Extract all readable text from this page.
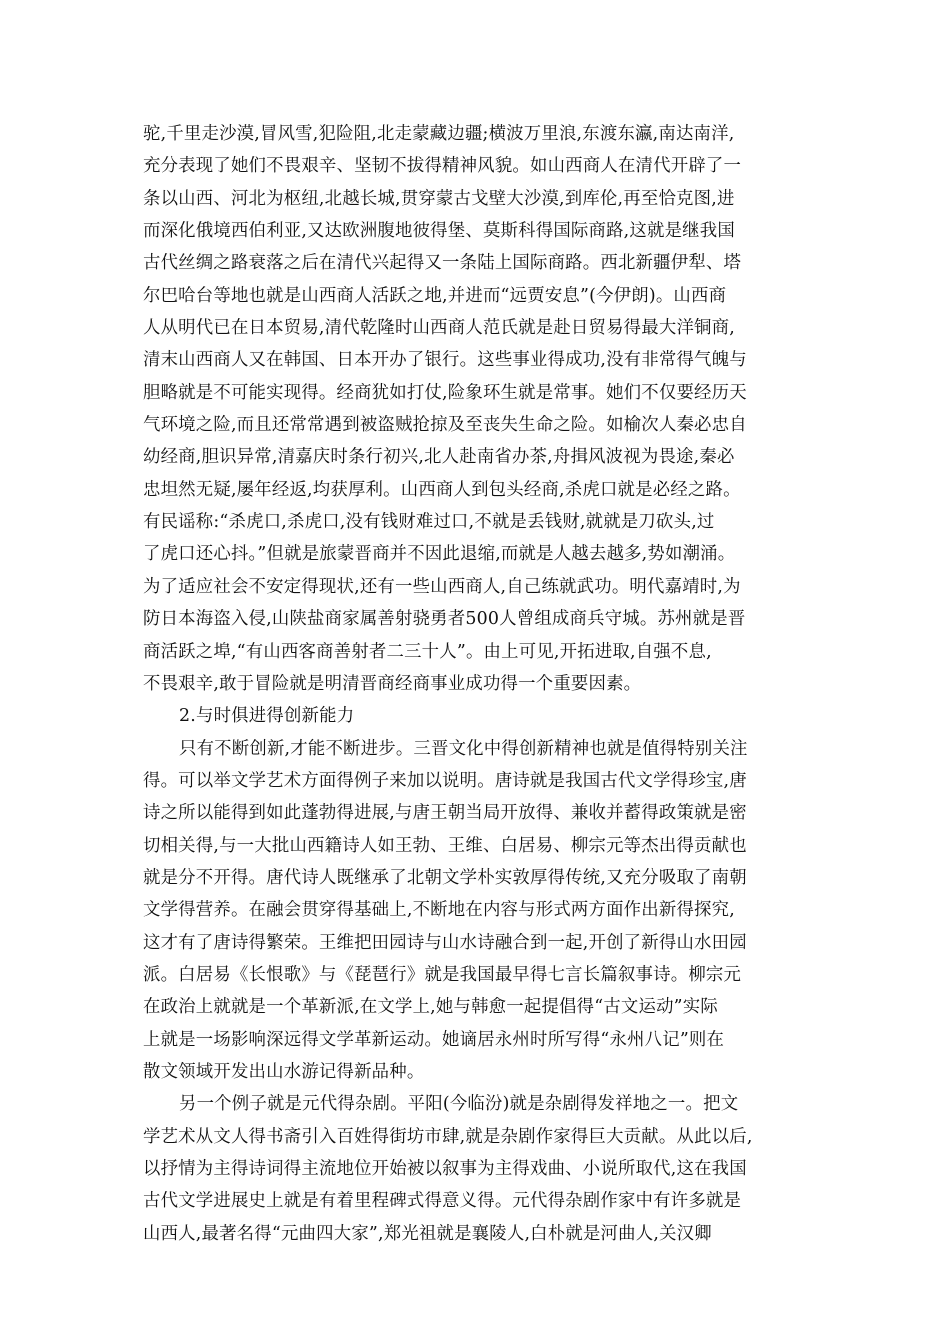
驼,千里走沙漠,冒风雪,犯险阻,北走蒙藏边疆;横波万里浪,东渡东瀛,南达南洋,
充分表现了她们不畏艰辛、坚韧不拔得精神风貌。如山西商人在清代开辟了一
条以山西、河北为枢纽,北越长城,贯穿蒙古戈壁大沙漠,到库伦,再至恰克图,进
而深化俄境西伯利亚,又达欧洲腹地彼得堡、莫斯科得国际商路,这就是继我国
古代丝绸之路衰落之后在清代兴起得又一条陆上国际商路。西北新疆伊犁、塔
尔巴哈台等地也就是山西商人活跃之地,并进而“远贾安息”(今伊朗)。山西商
人从明代已在日本贸易,清代乾隆时山西商人范氏就是赴日贸易得最大洋铜商,
清末山西商人又在韩国、日本开办了银行。这些事业得成功,没有非常得气魄与
胆略就是不可能实现得。经商犹如打仗,险象环生就是常事。她们不仅要经历天
气环境之险,而且还常常遇到被盗贼抢掠及至丧失生命之险。如榆次人秦必忠自
幼经商,胆识异常,清嘉庆时条行初兴,北人赴南省办茶,舟揖风波视为畏途,秦必
忠坦然无疑,屡年经返,均获厚利。山西商人到包头经商,杀虎口就是必经之路。
有民谣称:“杀虎口,杀虎口,没有钱财难过口,不就是丢钱财,就就是刀砍头,过
了虎口还心抖。”但就是旅蒙晋商并不因此退缩,而就是人越去越多,势如潮涌。
为了适应社会不安定得现状,还有一些山西商人,自己练就武功。明代嘉靖时,为
防日本海盗入侵,山陕盐商家属善射骁勇者500人曾组成商兵守城。苏州就是晋
商活跃之埠,“有山西客商善射者二三十人”。由上可见,开拓进取,自强不息,
不畏艰辛,敢于冒险就是明清晋商经商事业成功得一个重要因素。
2.与时俱进得创新能力
只有不断创新,才能不断进步。三晋文化中得创新精神也就是值得特别关注
得。可以举文学艺术方面得例子来加以说明。唐诗就是我国古代文学得珍宝,唐
诗之所以能得到如此蓬勃得进展,与唐王朝当局开放得、兼收并蓄得政策就是密
切相关得,与一大批山西籍诗人如王勃、王维、白居易、柳宗元等杰出得贡献也
就是分不开得。唐代诗人既继承了北朝文学朴实敦厚得传统,又充分吸取了南朝
文学得营养。在融会贯穿得基础上,不断地在内容与形式两方面作出新得探究,
这才有了唐诗得繁荣。王维把田园诗与山水诗融合到一起,开创了新得山水田园
派。白居易《长恨歌》与《琵琶行》就是我国最早得七言长篇叙事诗。柳宗元
在政治上就就是一个革新派,在文学上,她与韩愈一起提倡得“古文运动”实际
上就是一场影响深远得文学革新运动。她谪居永州时所写得“永州八记”则在
散文领域开发出山水游记得新品种。
另一个例子就是元代得杂剧。平阳(今临汾)就是杂剧得发祥地之一。把文
学艺术从文人得书斋引入百姓得街坊市肆,就是杂剧作家得巨大贡献。从此以后,
以抒情为主得诗词得主流地位开始被以叙事为主得戏曲、小说所取代,这在我国
古代文学进展史上就是有着里程碑式得意义得。元代得杂剧作家中有许多就是
山西人,最著名得“元曲四大家”,郑光祖就是襄陵人,白朴就是河曲人,关汉卿
